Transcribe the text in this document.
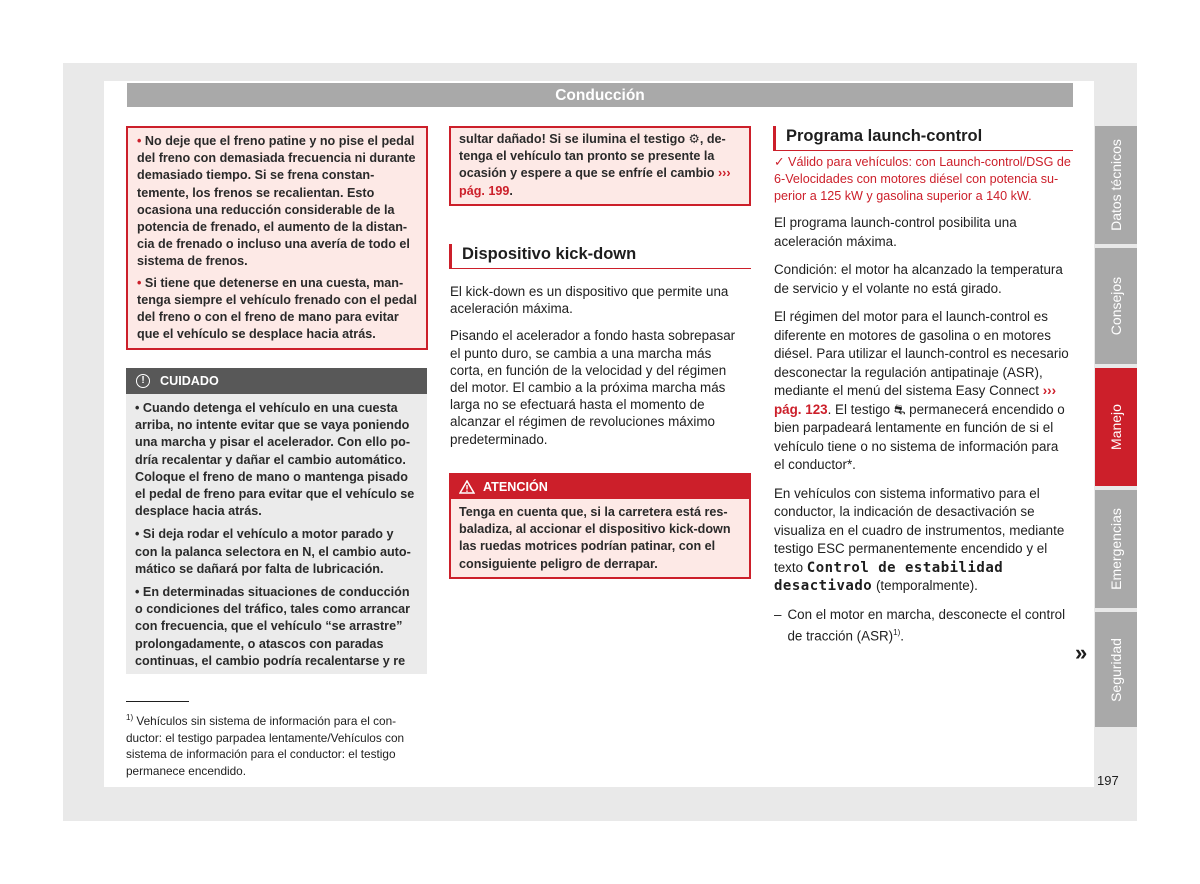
Conducción

• No deje que el freno patine y no pise el pedal del freno con demasiada frecuencia ni durante demasiado tiempo. Si se frena constantemente, los frenos se recalientan. Esto ocasiona una reducción considerable de la potencia de frenado, el aumento de la distancia de frenado o incluso una avería de todo el sistema de frenos.

• Si tiene que detenerse en una cuesta, mantenga siempre el vehículo frenado con el pedal del freno o con el freno de mano para evitar que el vehículo se desplace hacia atrás.

!	CUIDADO

• Cuando detenga el vehículo en una cuesta arriba, no intente evitar que se vaya poniendo una marcha y pisar el acelerador. Con ello podría recalentar y dañar el cambio automático. Coloque el freno de mano o mantenga pisado el pedal de freno para evitar que el vehículo se desplace hacia atrás.

• Si deja rodar el vehículo a motor parado y con la palanca selectora en N, el cambio automático se dañará por falta de lubricación.

• En determinadas situaciones de conducción o condiciones del tráfico, tales como arrancar con frecuencia, que el vehículo “se arrastre” prolongadamente, o atascos con paradas continuas, el cambio podría recalentarse y re

$^{1)}$ Vehículos sin sistema de información para el conductor: el testigo parpadea lentamente/Vehículos con sistema de información para el conductor: el testigo permanece encendido.

sultar dañado! Si se ilumina el testigo ⚙, detenga el vehículo tan pronto se presente la ocasión y espere a que se enfríe el cambio ››› pág. 199.

Dispositivo kick-down

El kick-down es un dispositivo que permite una aceleración máxima.

Pisando el acelerador a fondo hasta sobrepasar el punto duro, se cambia a una marcha más corta, en función de la velocidad y del régimen del motor. El cambio a la próxima marcha más larga no se efectuará hasta el momento de alcanzar el régimen de revoluciones máximo predeterminado.

ATENCIÓN
Tenga en cuenta que, si la carretera está resbaladiza, al accionar el dispositivo kick-down las ruedas motrices podrían patinar, con el consiguiente peligro de derrapar.
Programa launch-control

✓ Válido para vehículos: con Launch-control/DSG de 6-Velocidades con motores diésel con potencia superior a 125 kW y gasolina superior a 140 kW.

El programa launch-control posibilita una aceleración máxima.

Condición: el motor ha alcanzado la temperatura de servicio y el volante no está girado.

El régimen del motor para el launch-control es diferente en motores de gasolina o en motores diésel. Para utilizar el launch-control es necesario desconectar la regulación antipatinaje (ASR), mediante el menú del sistema Easy Connect ››› pág. 123. El testigo ⛐ permanecerá encendido o bien parpadeará lentamente en función de si el vehículo tiene o no sistema de información para el conductor*.

En vehículos con sistema informativo para el conductor, la indicación de desactivación se visualiza en el cuadro de instrumentos, mediante testigo ESC permanentemente encendido y el texto Control de estabilidad desactivado (temporalmente).

– Con el motor en marcha, desconecte el control de tracción (ASR)$^{1)}$.

»
Datos técnicos
Consejos
Manejo
Emergencias
Seguridad
197
